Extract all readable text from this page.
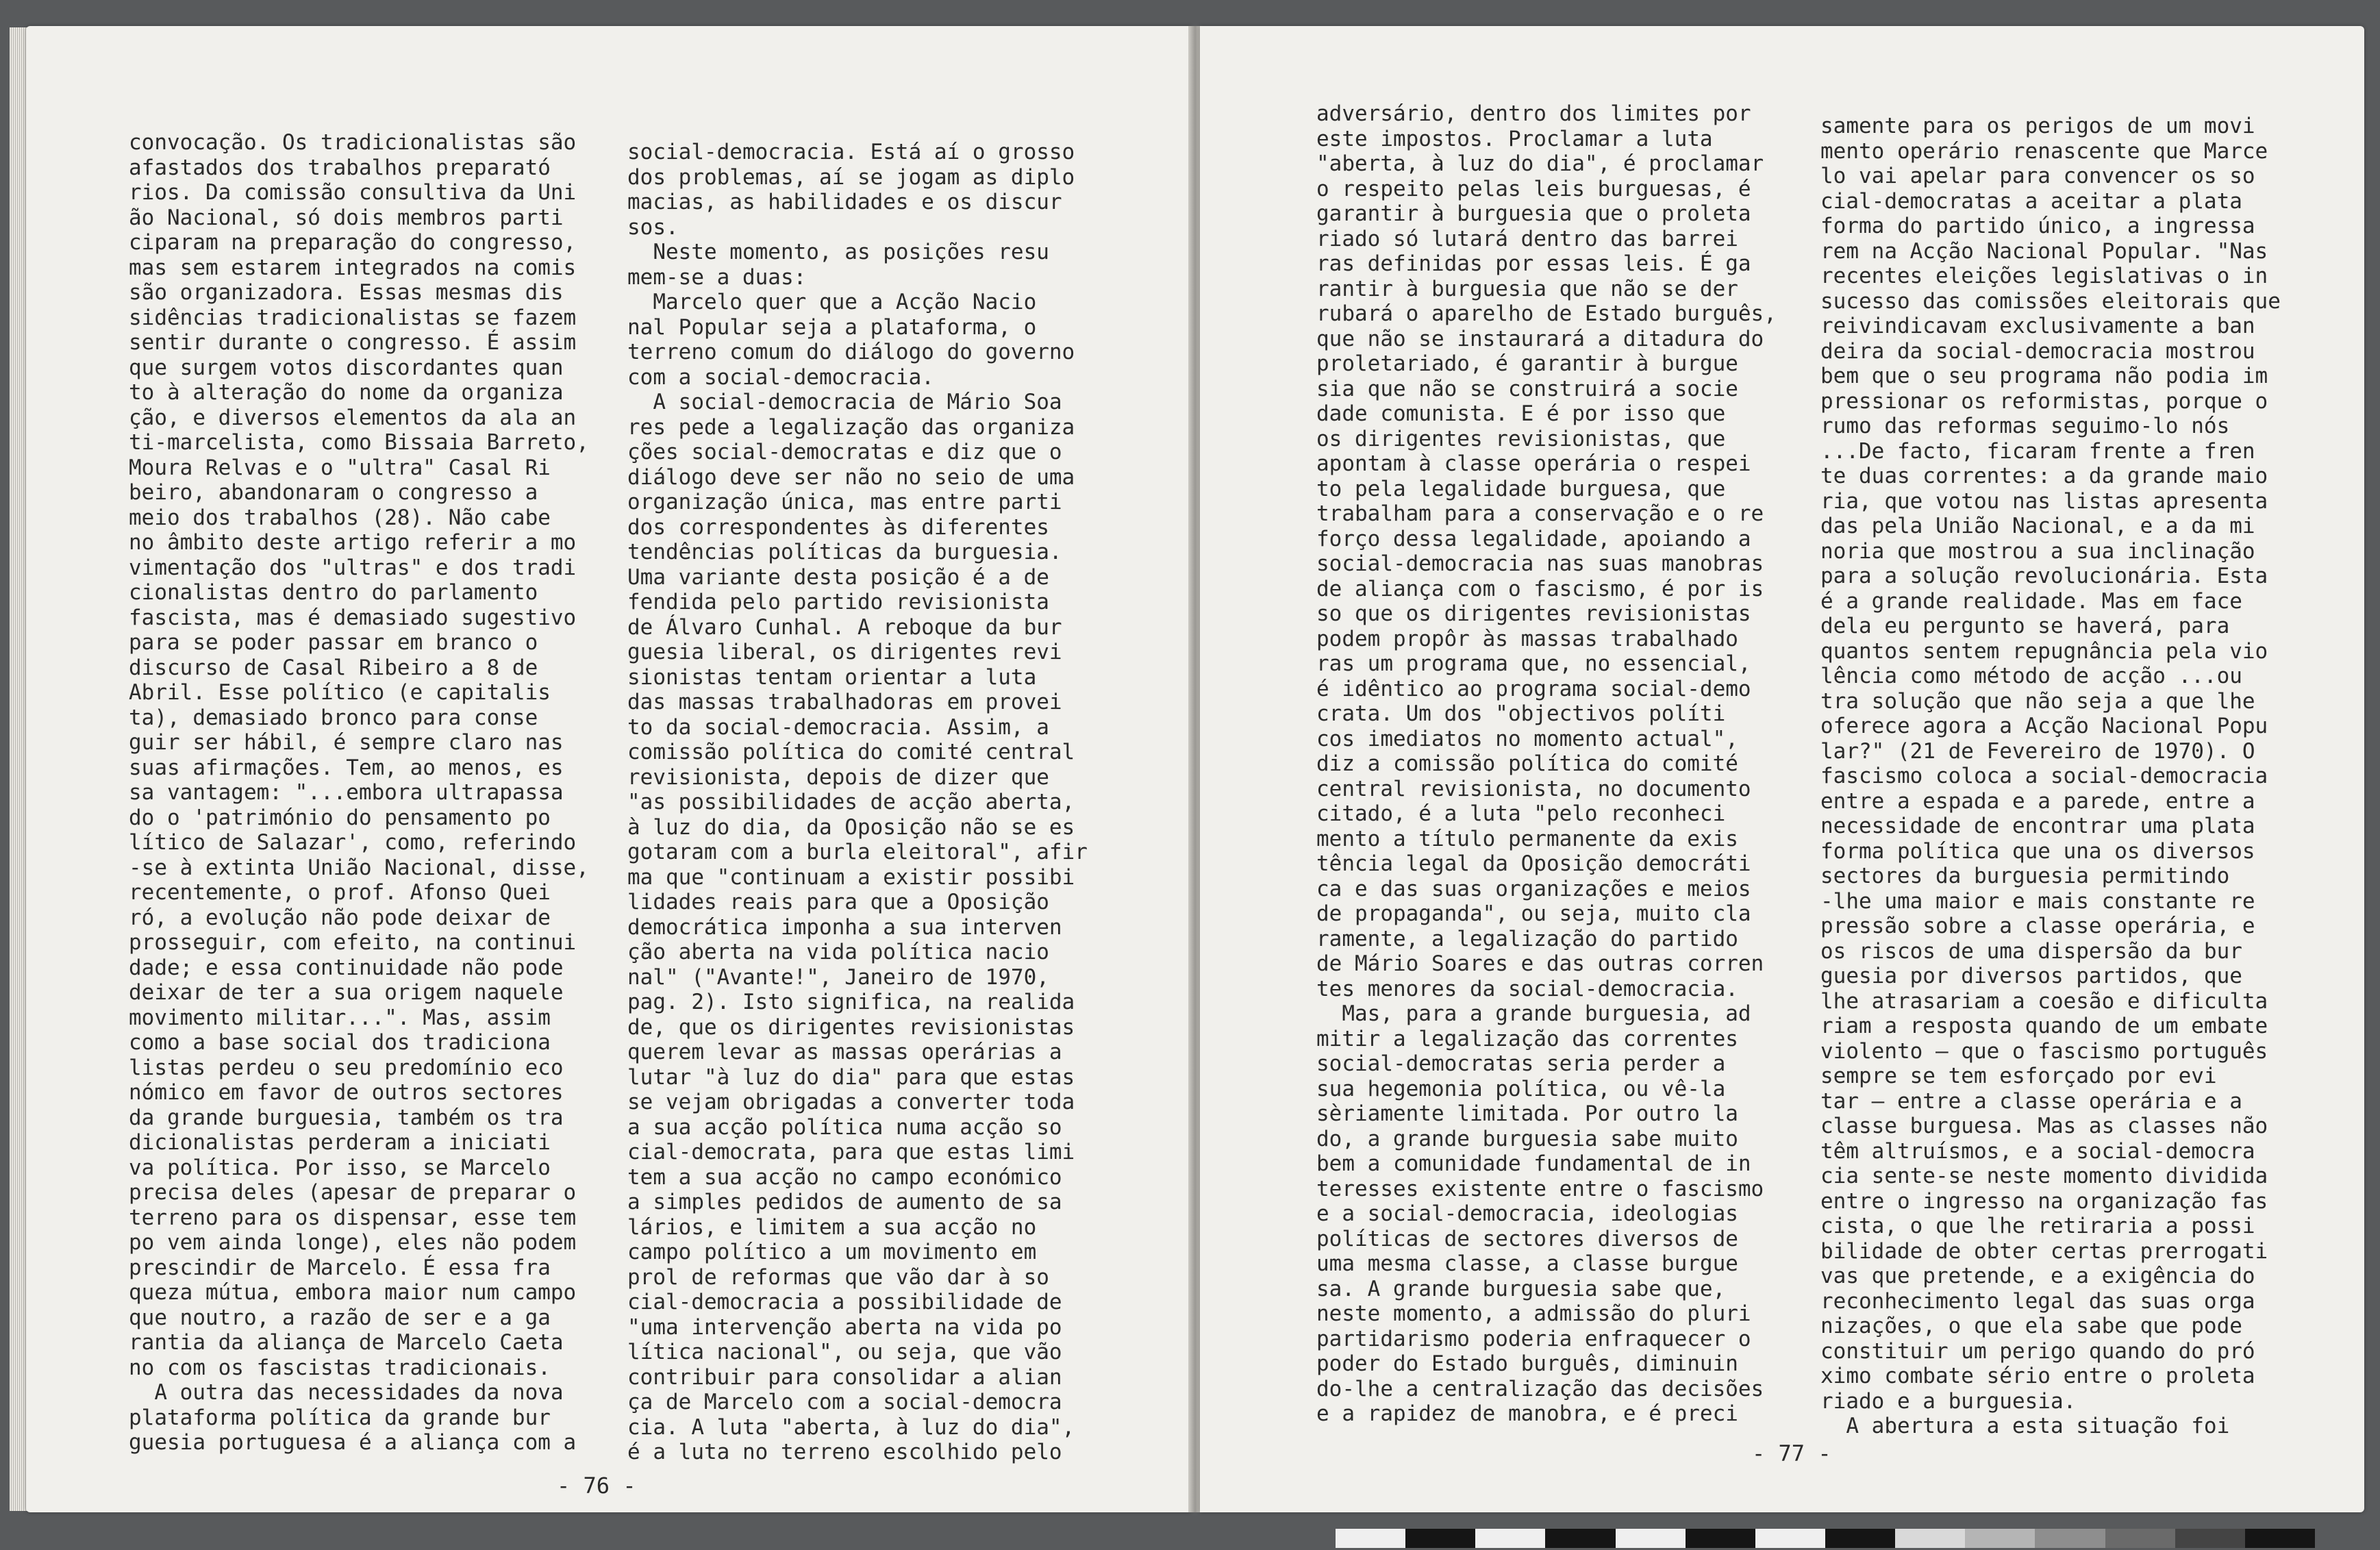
convocação. Os tradicionalistas são
afastados dos trabalhos preparató
rios. Da comissão consultiva da Uni
ão Nacional, só dois membros parti
ciparam na preparação do congresso,
mas sem estarem integrados na comis
são organizadora. Essas mesmas dis
sidências tradicionalistas se fazem
sentir durante o congresso. É assim
que surgem votos discordantes quan
to à alteração do nome da organiza
ção, e diversos elementos da ala an
ti-marcelista, como Bissaia Barreto,
Moura Relvas e o "ultra" Casal Ri
beiro, abandonaram o congresso a
meio dos trabalhos (28). Não cabe
no âmbito deste artigo referir a mo
vimentação dos "ultras" e dos tradi
cionalistas dentro do parlamento
fascista, mas é demasiado sugestivo
para se poder passar em branco o
discurso de Casal Ribeiro a 8 de
Abril. Esse político (e capitalis
ta), demasiado bronco para conse
guir ser hábil, é sempre claro nas
suas afirmações. Tem, ao menos, es
sa vantagem: "...embora ultrapassa
do o 'património do pensamento po
lítico de Salazar', como, referindo
-se à extinta União Nacional, disse,
recentemente, o prof. Afonso Quei
ró, a evolução não pode deixar de
prosseguir, com efeito, na continui
dade; e essa continuidade não pode
deixar de ter a sua origem naquele
movimento militar...". Mas, assim
como a base social dos tradiciona
listas perdeu o seu predomínio eco
nómico em favor de outros sectores
da grande burguesia, também os tra
dicionalistas perderam a iniciati
va política. Por isso, se Marcelo
precisa deles (apesar de preparar o
terreno para os dispensar, esse tem
po vem ainda longe), eles não podem
prescindir de Marcelo. É essa fra
queza mútua, embora maior num campo
que noutro, a razão de ser e a ga
rantia da aliança de Marcelo Caeta
no com os fascistas tradicionais.
A outra das necessidades da nova
plataforma política da grande bur
guesia portuguesa é a aliança com a
social-democracia. Está aí o grosso
dos problemas, aí se jogam as diplo
macias, as habilidades e os discur
sos.
Neste momento, as posições resu
mem-se a duas:
Marcelo quer que a Acção Nacio
nal Popular seja a plataforma, o
terreno comum do diálogo do governo
com a social-democracia.
A social-democracia de Mário Soa
res pede a legalização das organiza
ções social-democratas e diz que o
diálogo deve ser não no seio de uma
organização única, mas entre parti
dos correspondentes às diferentes
tendências políticas da burguesia.
Uma variante desta posição é a de
fendida pelo partido revisionista
de Álvaro Cunhal. A reboque da bur
guesia liberal, os dirigentes revi
sionistas tentam orientar a luta
das massas trabalhadoras em provei
to da social-democracia. Assim, a
comissão política do comité central
revisionista, depois de dizer que
"as possibilidades de acção aberta,
à luz do dia, da Oposição não se es
gotaram com a burla eleitoral", afir
ma que "continuam a existir possibi
lidades reais para que a Oposição
democrática imponha a sua interven
ção aberta na vida política nacio
nal" ("Avante!", Janeiro de 1970,
pag. 2). Isto significa, na realida
de, que os dirigentes revisionistas
querem levar as massas operárias a
lutar "à luz do dia" para que estas
se vejam obrigadas a converter toda
a sua acção política numa acção so
cial-democrata, para que estas limi
tem a sua acção no campo económico
a simples pedidos de aumento de sa
lários, e limitem a sua acção no
campo político a um movimento em
prol de reformas que vão dar à so
cial-democracia a possibilidade de
"uma intervenção aberta na vida po
lítica nacional", ou seja, que vão
contribuir para consolidar a alian
ça de Marcelo com a social-democra
cia. A luta "aberta, à luz do dia",
é a luta no terreno escolhido pelo
- 76 -
adversário, dentro dos limites por
este impostos. Proclamar a luta
"aberta, à luz do dia", é proclamar
o respeito pelas leis burguesas, é
garantir à burguesia que o proleta
riado só lutará dentro das barrei
ras definidas por essas leis. É ga
rantir à burguesia que não se der
rubará o aparelho de Estado burguês,
que não se instaurará a ditadura do
proletariado, é garantir à burgue
sia que não se construirá a socie
dade comunista. E é por isso que
os dirigentes revisionistas, que
apontam à classe operária o respei
to pela legalidade burguesa, que
trabalham para a conservação e o re
forço dessa legalidade, apoiando a
social-democracia nas suas manobras
de aliança com o fascismo, é por is
so que os dirigentes revisionistas
podem propôr às massas trabalhado
ras um programa que, no essencial,
é idêntico ao programa social-demo
crata. Um dos "objectivos políti
cos imediatos no momento actual",
diz a comissão política do comité
central revisionista, no documento
citado, é a luta "pelo reconheci
mento a título permanente da exis
tência legal da Oposição democráti
ca e das suas organizações e meios
de propaganda", ou seja, muito cla
ramente, a legalização do partido
de Mário Soares e das outras corren
tes menores da social-democracia.
Mas, para a grande burguesia, ad
mitir a legalização das correntes
social-democratas seria perder a
sua hegemonia política, ou vê-la
sèriamente limitada. Por outro la
do, a grande burguesia sabe muito
bem a comunidade fundamental de in
teresses existente entre o fascismo
e a social-democracia, ideologias
políticas de sectores diversos de
uma mesma classe, a classe burgue
sa. A grande burguesia sabe que,
neste momento, a admissão do pluri
partidarismo poderia enfraquecer o
poder do Estado burguês, diminuin
do-lhe a centralização das decisões
e a rapidez de manobra, e é preci
samente para os perigos de um movi
mento operário renascente que Marce
lo vai apelar para convencer os so
cial-democratas a aceitar a plata
forma do partido único, a ingressa
rem na Acção Nacional Popular. "Nas
recentes eleições legislativas o in
sucesso das comissões eleitorais que
reivindicavam exclusivamente a ban
deira da social-democracia mostrou
bem que o seu programa não podia im
pressionar os reformistas, porque o
rumo das reformas seguimo-lo nós
...De facto, ficaram frente a fren
te duas correntes: a da grande maio
ria, que votou nas listas apresenta
das pela União Nacional, e a da mi
noria que mostrou a sua inclinação
para a solução revolucionária. Esta
é a grande realidade. Mas em face
dela eu pergunto se haverá, para
quantos sentem repugnância pela vio
lência como método de acção ...ou
tra solução que não seja a que lhe
oferece agora a Acção Nacional Popu
lar?" (21 de Fevereiro de 1970). O
fascismo coloca a social-democracia
entre a espada e a parede, entre a
necessidade de encontrar uma plata
forma política que una os diversos
sectores da burguesia permitindo
-lhe uma maior e mais constante re
pressão sobre a classe operária, e
os riscos de uma dispersão da bur
guesia por diversos partidos, que
lhe atrasariam a coesão e dificulta
riam a resposta quando de um embate
violento — que o fascismo português
sempre se tem esforçado por evi
tar — entre a classe operária e a
classe burguesa. Mas as classes não
têm altruísmos, e a social-democra
cia sente-se neste momento dividida
entre o ingresso na organização fas
cista, o que lhe retiraria a possi
bilidade de obter certas prerrogati
vas que pretende, e a exigência do
reconhecimento legal das suas orga
nizações, o que ela sabe que pode
constituir um perigo quando do pró
ximo combate sério entre o proleta
riado e a burguesia.
A abertura a esta situação foi
- 77 -
